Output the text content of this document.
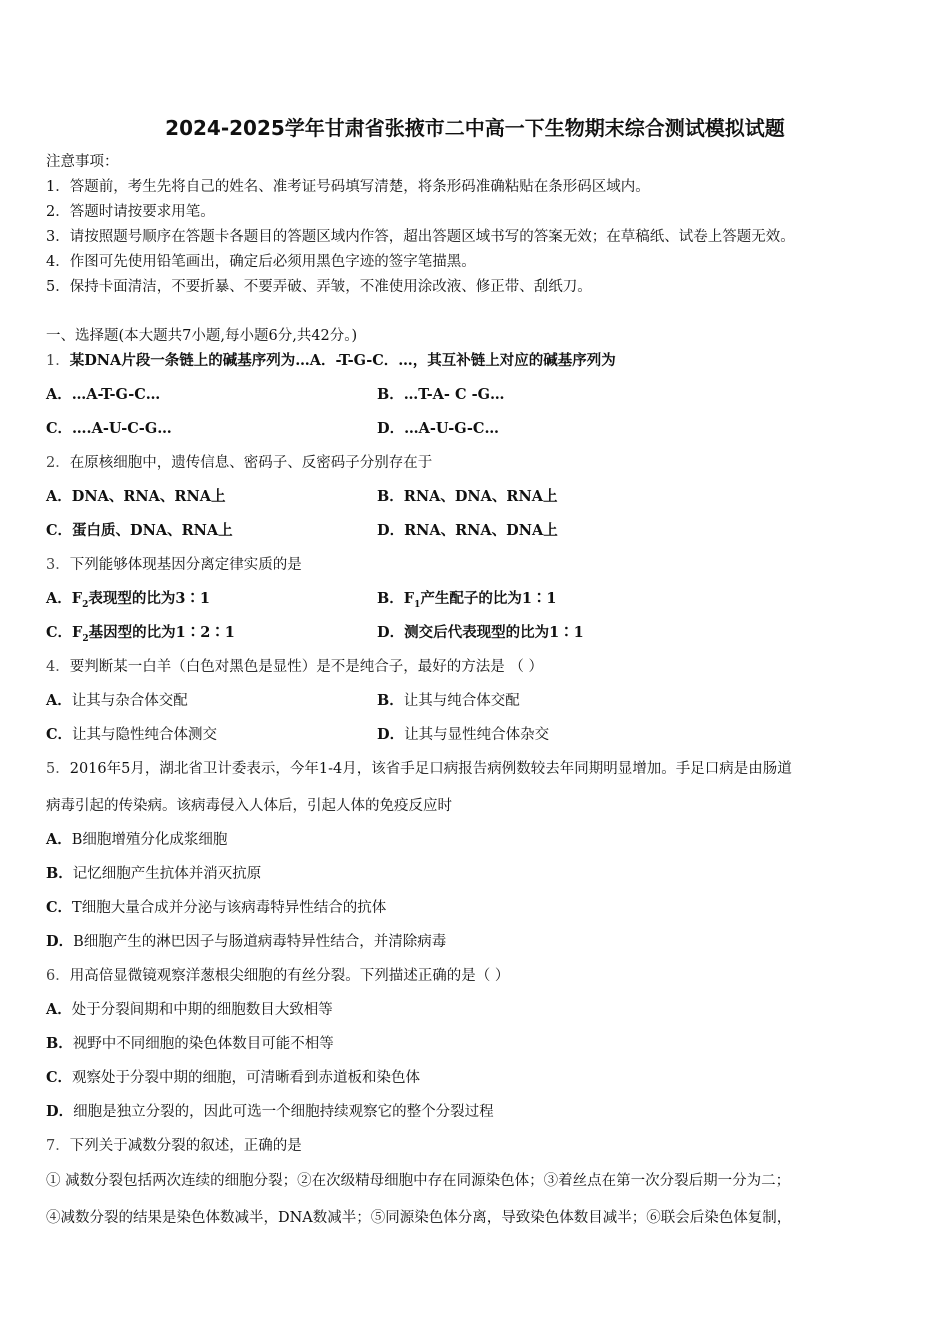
2024-2025学年甘肃省张掖市二中高一下生物期末综合测试模拟试题
注意事项：
1．答题前，考生先将自己的姓名、准考证号码填写清楚，将条形码准确粘贴在条形码区域内。
2．答题时请按要求用笔。
3．请按照题号顺序在答题卡各题目的答题区域内作答，超出答题区域书写的答案无效；在草稿纸、试卷上答题无效。
4．作图可先使用铅笔画出，确定后必须用黑色字迹的签字笔描黑。
5．保持卡面清洁，不要折暴、不要弄破、弄皱，不准使用涂改液、修正带、刮纸刀。
一、选择题(本大题共7小题,每小题6分,共42分。)
1．某DNA片段一条链上的碱基序列为…A．-T-G-C．…，其互补链上对应的碱基序列为
A．…A-T-G-C…	B．…T-A- C -G…
C．….A-U-C-G…	D．…A-U-G-C…
2．在原核细胞中，遗传信息、密码子、反密码子分别存在于
A．DNA、RNA、RNA上	B．RNA、DNA、RNA上
C．蛋白质、DNA、RNA上	D．RNA、RNA、DNA上
3．下列能够体现基因分离定律实质的是
A．$F_2$表现型的比为3∶1	B．$F_1$产生配子的比为1∶1
C．$F_2$基因型的比为1∶2∶1	D．测交后代表现型的比为1∶1
4．要判断某一白羊（白色对黑色是显性）是不是纯合子，最好的方法是 （ ）
A．让其与杂合体交配	B．让其与纯合体交配
C．让其与隐性纯合体测交	D．让其与显性纯合体杂交
5．2016年5月，湖北省卫计委表示，今年1-4月，该省手足口病报告病例数较去年同期明显增加。手足口病是由肠道
病毒引起的传染病。该病毒侵入人体后，引起人体的免疫反应时
A．B细胞增殖分化成浆细胞
B．记忆细胞产生抗体并消灭抗原
C．T细胞大量合成并分泌与该病毒特异性结合的抗体
D．B细胞产生的淋巴因子与肠道病毒特异性结合，并清除病毒
6．用高倍显微镜观察洋葱根尖细胞的有丝分裂。下列描述正确的是（ ）
A．处于分裂间期和中期的细胞数目大致相等
B．视野中不同细胞的染色体数目可能不相等
C．观察处于分裂中期的细胞，可清晰看到赤道板和染色体
D．细胞是独立分裂的，因此可选一个细胞持续观察它的整个分裂过程
7．下列关于减数分裂的叙述，正确的是
① 减数分裂包括两次连续的细胞分裂；②在次级精母细胞中存在同源染色体；③着丝点在第一次分裂后期一分为二；
④减数分裂的结果是染色体数减半，DNA数减半；⑤同源染色体分离，导致染色体数目减半；⑥联会后染色体复制，
